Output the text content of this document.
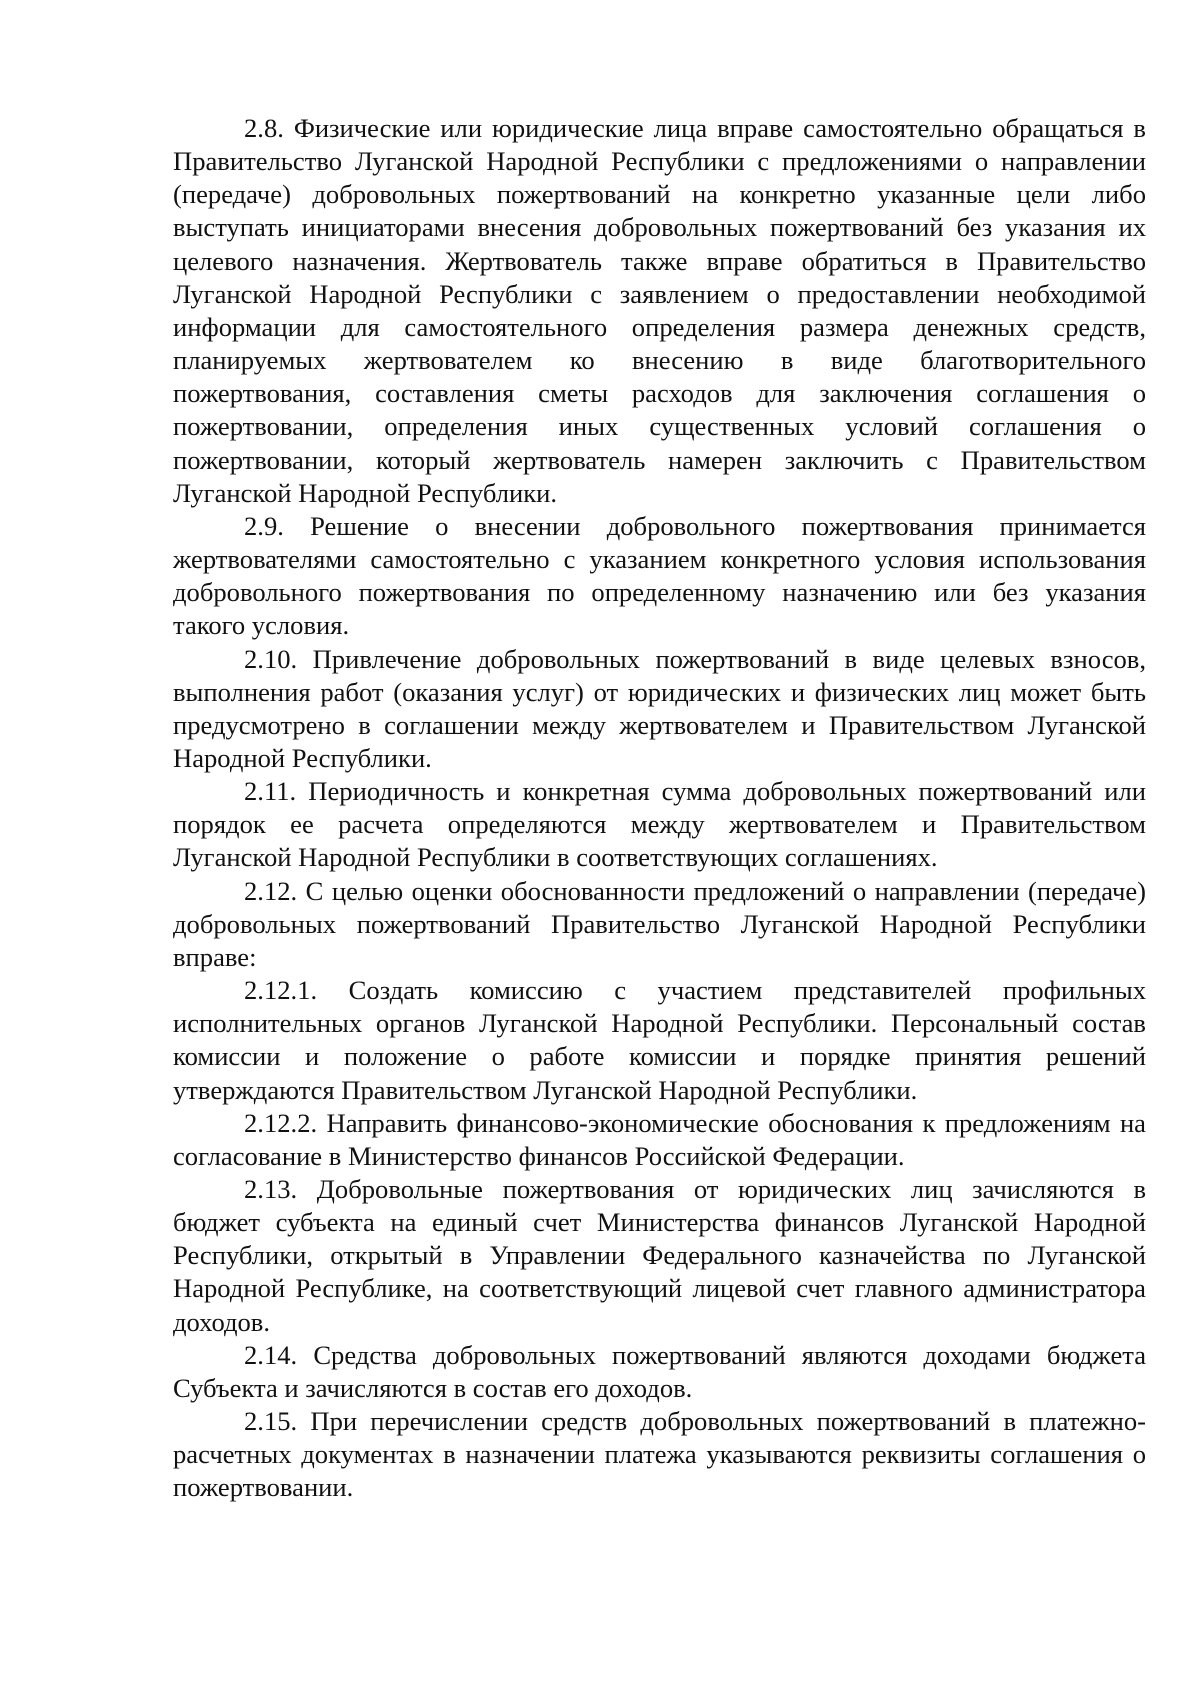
2.8. Физические или юридические лица вправе самостоятельно обращаться в Правительство Луганской Народной Республики с предложениями о направлении (передаче) добровольных пожертвований на конкретно указанные цели либо выступать инициаторами внесения добровольных пожертвований без указания их целевого назначения. Жертвователь также вправе обратиться в Правительство Луганской Народной Республики с заявлением о предоставлении необходимой информации для самостоятельного определения размера денежных средств, планируемых жертвователем ко внесению в виде благотворительного пожертвования, составления сметы расходов для заключения соглашения о пожертвовании, определения иных существенных условий соглашения о пожертвовании, который жертвователь намерен заключить с Правительством Луганской Народной Республики.

2.9. Решение о внесении добровольного пожертвования принимается жертвователями самостоятельно с указанием конкретного условия использования добровольного пожертвования по определенному назначению или без указания такого условия.

2.10. Привлечение добровольных пожертвований в виде целевых взносов, выполнения работ (оказания услуг) от юридических и физических лиц может быть предусмотрено в соглашении между жертвователем и Правительством Луганской Народной Республики.

2.11. Периодичность и конкретная сумма добровольных пожертвований или порядок ее расчета определяются между жертвователем и Правительством Луганской Народной Республики в соответствующих соглашениях.

2.12. С целью оценки обоснованности предложений о направлении (передаче) добровольных пожертвований Правительство Луганской Народной Республики вправе:

2.12.1. Создать комиссию с участием представителей профильных исполнительных органов Луганской Народной Республики. Персональный состав комиссии и положение о работе комиссии и порядке принятия решений утверждаются Правительством Луганской Народной Республики.

2.12.2. Направить финансово-экономические обоснования к предложениям на согласование в Министерство финансов Российской Федерации.

2.13. Добровольные пожертвования от юридических лиц зачисляются в бюджет субъекта на единый счет Министерства финансов Луганской Народной Республики, открытый в Управлении Федерального казначейства по Луганской Народной Республике, на соответствующий лицевой счет главного администратора доходов.

2.14. Средства добровольных пожертвований являются доходами бюджета Субъекта и зачисляются в состав его доходов.

2.15. При перечислении средств добровольных пожертвований в платежно-расчетных документах в назначении платежа указываются реквизиты соглашения о пожертвовании.
